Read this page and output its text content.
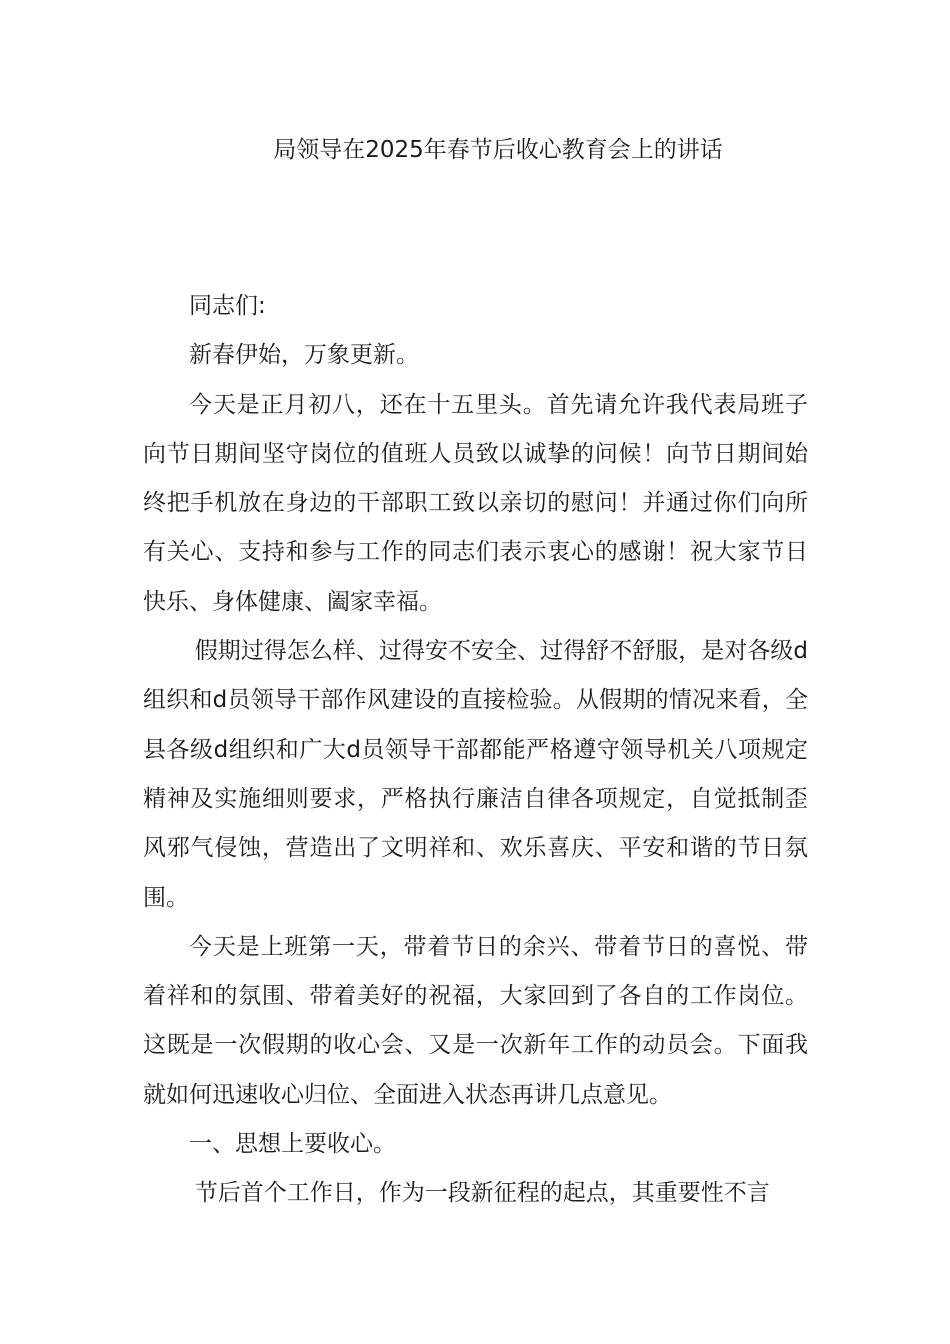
局领导在2025年春节后收心教育会上的讲话

同志们:

新春伊始，万象更新。

今天是正月初八，还在十五里头。首先请允许我代表局班子向节日期间坚守岗位的值班人员致以诚挚的问候！向节日期间始终把手机放在身边的干部职工致以亲切的慰问！并通过你们向所有关心、支持和参与工作的同志们表示衷心的感谢！祝大家节日快乐、身体健康、阖家幸福。

假期过得怎么样、过得安不安全、过得舒不舒服，是对各级d组织和d员领导干部作风建设的直接检验。从假期的情况来看，全县各级d组织和广大d员领导干部都能严格遵守领导机关八项规定精神及实施细则要求，严格执行廉洁自律各项规定，自觉抵制歪风邪气侵蚀，营造出了文明祥和、欢乐喜庆、平安和谐的节日氛围。

今天是上班第一天，带着节日的余兴、带着节日的喜悦、带着祥和的氛围、带着美好的祝福，大家回到了各自的工作岗位。这既是一次假期的收心会、又是一次新年工作的动员会。下面我就如何迅速收心归位、全面进入状态再讲几点意见。

一、思想上要收心。

节后首个工作日，作为一段新征程的起点，其重要性不言
